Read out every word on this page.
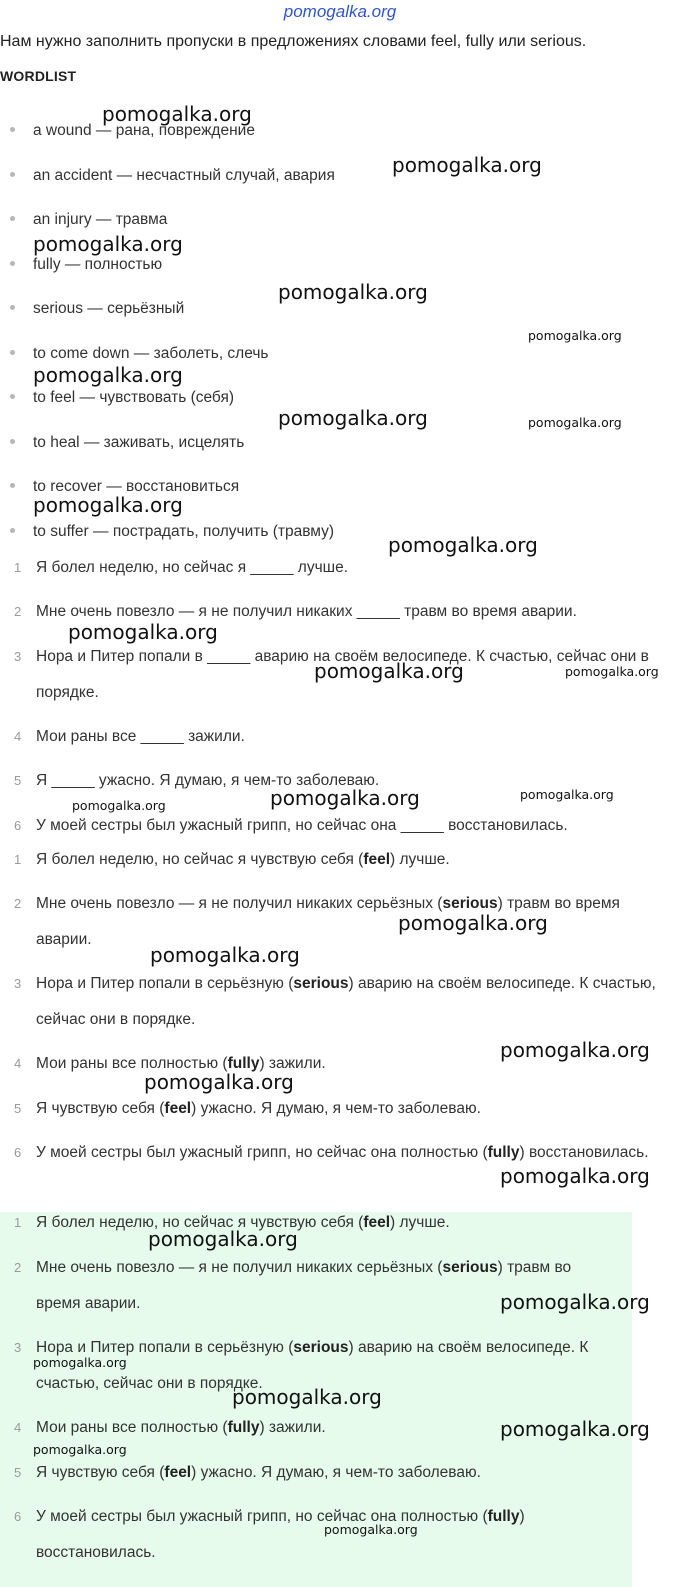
pomogalka.org
Нам нужно заполнить пропуски в предложениях словами feel, fully или serious.
WORDLIST
a wound — рана, повреждение
an accident — несчастный случай, авария
an injury — травма
fully — полностью
serious — серьёзный
to come down — заболеть, слечь
to feel — чувствовать (себя)
to heal — заживать, исцелять
to recover — восстановиться
to suffer — пострадать, получить (травму)
1 Я болел неделю, но сейчас я _____ лучше.
2 Мне очень повезло — я не получил никаких _____ травм во время аварии.
3 Нора и Питер попали в _____ аварию на своём велосипеде. К счастью, сейчас они в порядке.
4 Мои раны все _____ зажили.
5 Я _____ ужасно. Я думаю, я чем-то заболеваю.
6 У моей сестры был ужасный грипп, но сейчас она _____ восстановилась.
1 Я болел неделю, но сейчас я чувствую себя (feel) лучше.
2 Мне очень повезло — я не получил никаких серьёзных (serious) травм во время аварии.
3 Нора и Питер попали в серьёзную (serious) аварию на своём велосипеде. К счастью, сейчас они в порядке.
4 Мои раны все полностью (fully) зажили.
5 Я чувствую себя (feel) ужасно. Я думаю, я чем-то заболеваю.
6 У моей сестры был ужасный грипп, но сейчас она полностью (fully) восстановилась.
1 Я болел неделю, но сейчас я чувствую себя (feel) лучше.
2 Мне очень повезло — я не получил никаких серьёзных (serious) травм во время аварии.
3 Нора и Питер попали в серьёзную (serious) аварию на своём велосипеде. К счастью, сейчас они в порядке.
4 Мои раны все полностью (fully) зажили.
5 Я чувствую себя (feel) ужасно. Я думаю, я чем-то заболеваю.
6 У моей сестры был ужасный грипп, но сейчас она полностью (fully) восстановилась.
pomogalka.org
pomogalka.org
pomogalka.org
pomogalka.org
pomogalka.org
pomogalka.org
pomogalka.org	pomogalka.org
pomogalka.org
pomogalka.org
pomogalka.org
pomogalka.org	pomogalka.org
pomogalka.org	pomogalka.org
pomogalka.org
pomogalka.org
pomogalka.org
pomogalka.org
pomogalka.org
pomogalka.org
pomogalka.org
pomogalka.org
pomogalka.org
pomogalka.org
pomogalka.org
pomogalka.org
pomogalka.org
